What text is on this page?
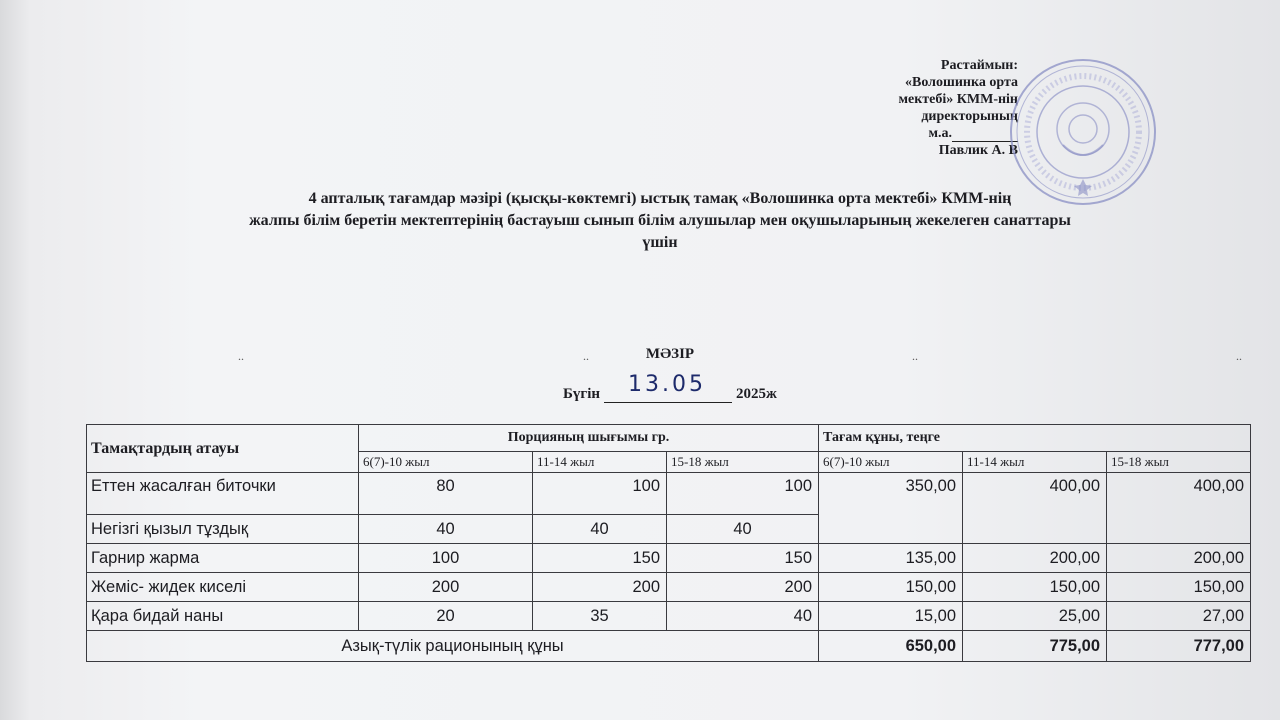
Растаймын:
«Волошинка орта
мектебі» КММ-нің
директорының
м.а.
Павлик А. В
4 апталық тағамдар мәзірі (қысқы-көктемгі) ыстық тамақ «Волошинка орта мектебі» КММ-нің
жалпы білім беретін мектептерінің бастауыш сынып білім алушылар мен оқушыларының жекелеген санаттары
үшін
..	..	..	..
МӘЗІР
Бүгін 13.05 2025ж
Тамақтардың атауы	Порцияның шығымы гр.			Тағам құны, теңге		
	6(7)-10 жыл	11-14 жыл	15-18 жыл	6(7)-10 жыл	11-14 жыл	15-18 жыл
Еттен жасалған биточки	80	100	100	350,00	400,00	400,00
Негізгі қызыл тұздық	40	40	40			
Гарнир жарма	100	150	150	135,00	200,00	200,00
Жеміс- жидек киселі	200	200	200	150,00	150,00	150,00
Қара бидай наны	20	35	40	15,00	25,00	27,00
Азық-түлік рационының құны				650,00	775,00	777,00
